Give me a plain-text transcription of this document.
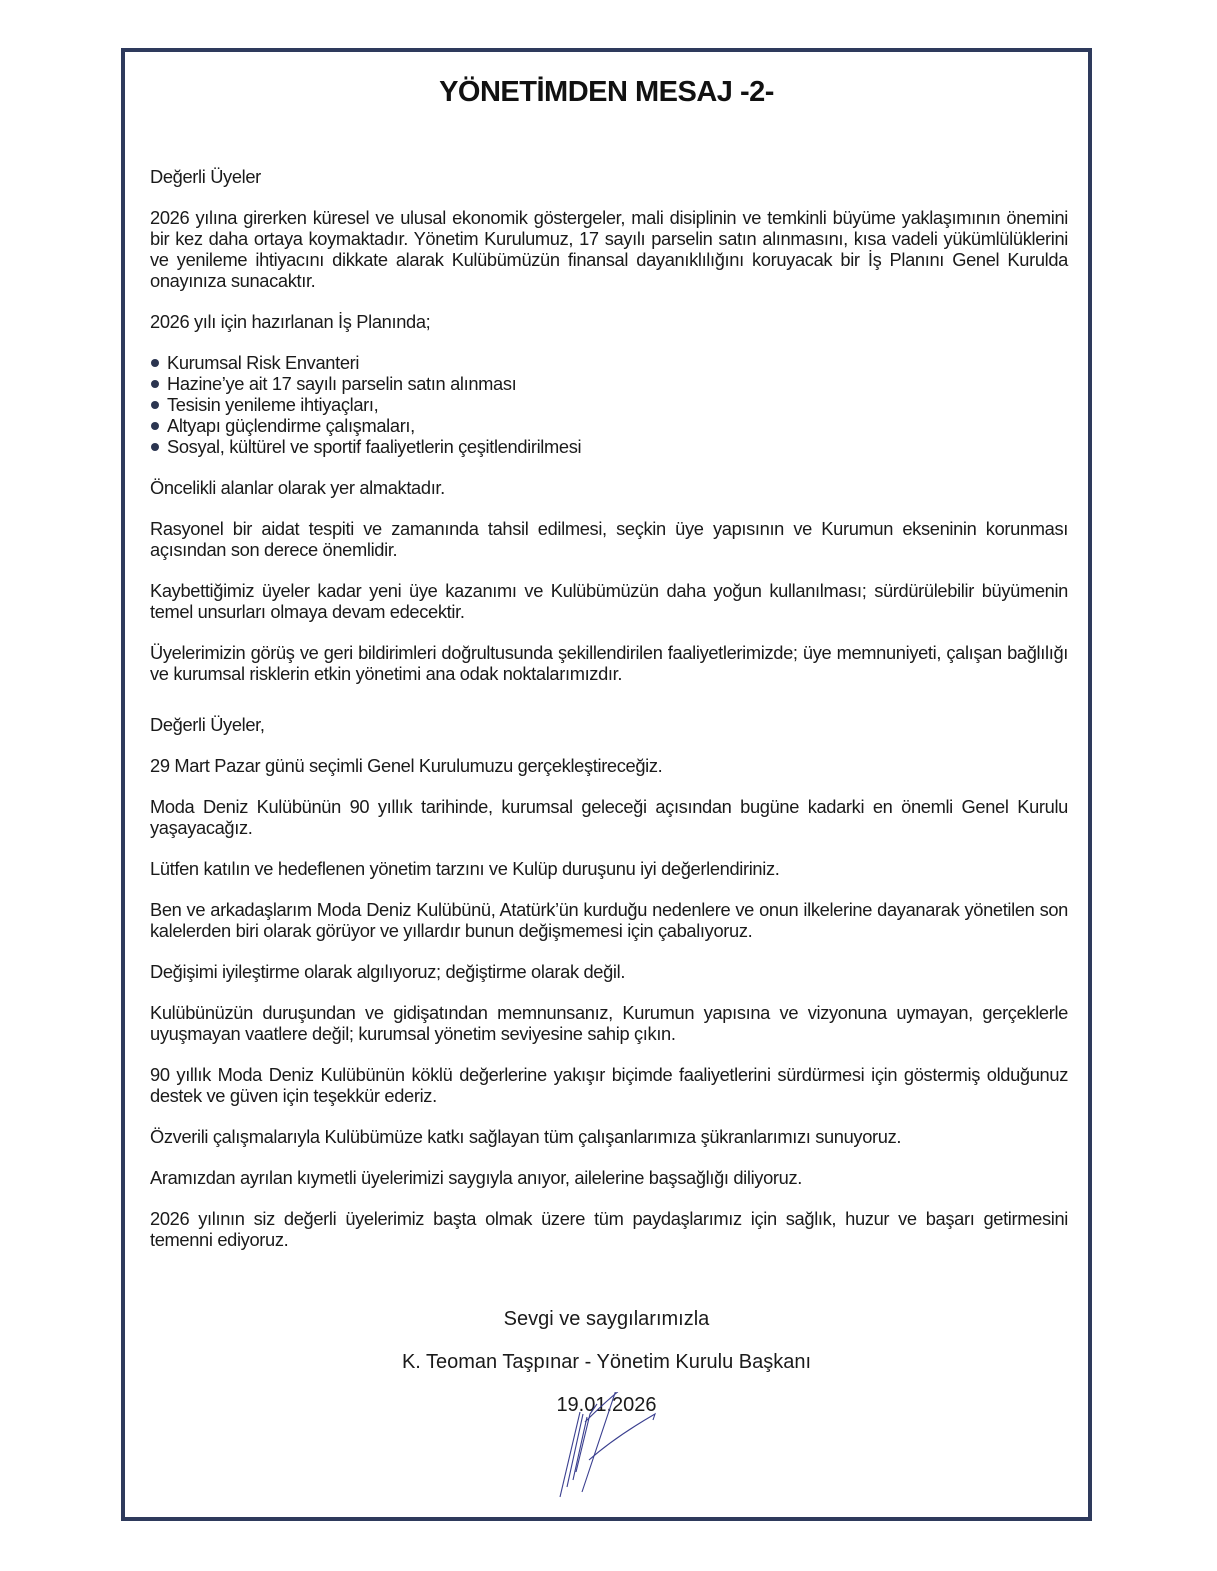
YÖNETİMDEN MESAJ -2-

Değerli Üyeler

2026 yılına girerken küresel ve ulusal ekonomik göstergeler, mali disiplinin ve temkinli büyüme yaklaşımının önemini bir kez daha ortaya koymaktadır. Yönetim Kurulumuz, 17 sayılı parselin satın alınmasını, kısa vadeli yükümlülüklerini ve yenileme ihtiyacını dikkate alarak Kulübümüzün finansal dayanıklılığını koruyacak bir İş Planını Genel Kurulda onayınıza sunacaktır.

2026 yılı için hazırlanan İş Planında;

Kurumsal Risk Envanteri
Hazine’ye ait 17 sayılı parselin satın alınması
Tesisin yenileme ihtiyaçları,
Altyapı güçlendirme çalışmaları,
Sosyal, kültürel ve sportif faaliyetlerin çeşitlendirilmesi

Öncelikli alanlar olarak yer almaktadır.

Rasyonel bir aidat tespiti ve zamanında tahsil edilmesi, seçkin üye yapısının ve Kurumun ekseninin korunması açısından son derece önemlidir.

Kaybettiğimiz üyeler kadar yeni üye kazanımı ve Kulübümüzün daha yoğun kullanılması; sürdürülebilir büyümenin temel unsurları olmaya devam edecektir.

Üyelerimizin görüş ve geri bildirimleri doğrultusunda şekillendirilen faaliyetlerimizde; üye memnuniyeti, çalışan bağlılığı ve kurumsal risklerin etkin yönetimi ana odak noktalarımızdır.

Değerli Üyeler,

29 Mart Pazar günü seçimli Genel Kurulumuzu gerçekleştireceğiz.

Moda Deniz Kulübünün 90 yıllık tarihinde, kurumsal geleceği açısından bugüne kadarki en önemli Genel Kurulu yaşayacağız.

Lütfen katılın ve hedeflenen yönetim tarzını ve Kulüp duruşunu iyi değerlendiriniz.

Ben ve arkadaşlarım Moda Deniz Kulübünü, Atatürk’ün kurduğu nedenlere ve onun ilkelerine dayanarak yönetilen son kalelerden biri olarak görüyor ve yıllardır bunun değişmemesi için çabalıyoruz.

Değişimi iyileştirme olarak algılıyoruz; değiştirme olarak değil.

Kulübünüzün duruşundan ve gidişatından memnunsanız, Kurumun yapısına ve vizyonuna uymayan, gerçeklerle uyuşmayan vaatlere değil; kurumsal yönetim seviyesine sahip çıkın.

90 yıllık Moda Deniz Kulübünün köklü değerlerine yakışır biçimde faaliyetlerini sürdürmesi için göstermiş olduğunuz destek ve güven için teşekkür ederiz.

Özverili çalışmalarıyla Kulübümüze katkı sağlayan tüm çalışanlarımıza şükranlarımızı sunuyoruz.

Aramızdan ayrılan kıymetli üyelerimizi saygıyla anıyor, ailelerine başsağlığı diliyoruz.

2026 yılının siz değerli üyelerimiz başta olmak üzere tüm paydaşlarımız için sağlık, huzur ve başarı getirmesini temenni ediyoruz.

Sevgi ve saygılarımızla
K. Teoman Taşpınar - Yönetim Kurulu Başkanı
19.01.2026
